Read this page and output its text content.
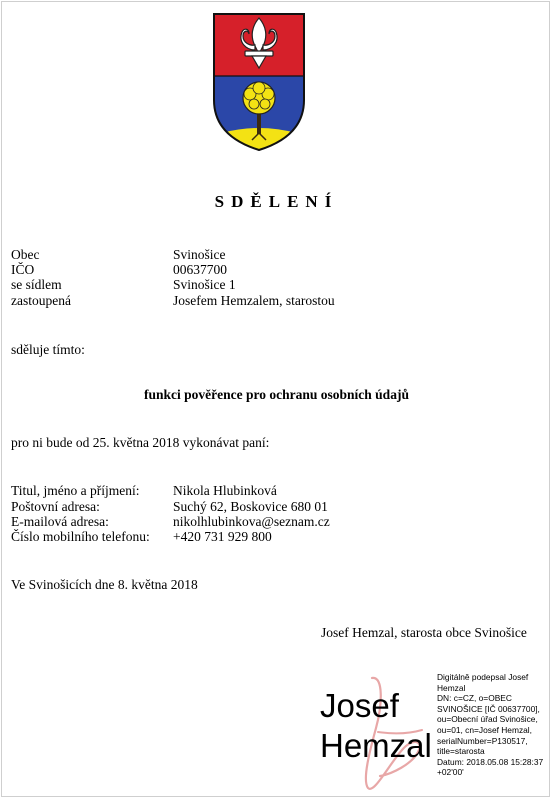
SDĚLENÍ
Obec	Svinošice
IČO	00637700
se sídlem	Svinošice 1
zastoupená	Josefem Hemzalem, starostou
sděluje tímto:
funkci pověřence pro ochranu osobních údajů
pro ni bude od 25. května 2018 vykonávat paní:
Titul, jméno a příjmení: Nikola Hlubinková
Poštovní adresa:	Suchý 62, Boskovice 680 01
E-mailová adresa:	nikolhlubinkova@seznam.cz
Číslo mobilního telefonu: +420 731 929 800
Ve Svinošicích dne 8. května 2018
Josef Hemzal, starosta obce Svinošice
Josef
Hemzal
Digitálně podepsal Josef
Hemzal
DN: c=CZ, o=OBEC
SVINOŠICE [IČ 00637700],
ou=Obecní úřad Svinošice,
ou=01, cn=Josef Hemzal,
serialNumber=P130517,
title=starosta
Datum: 2018.05.08 15:28:37
+02'00'
